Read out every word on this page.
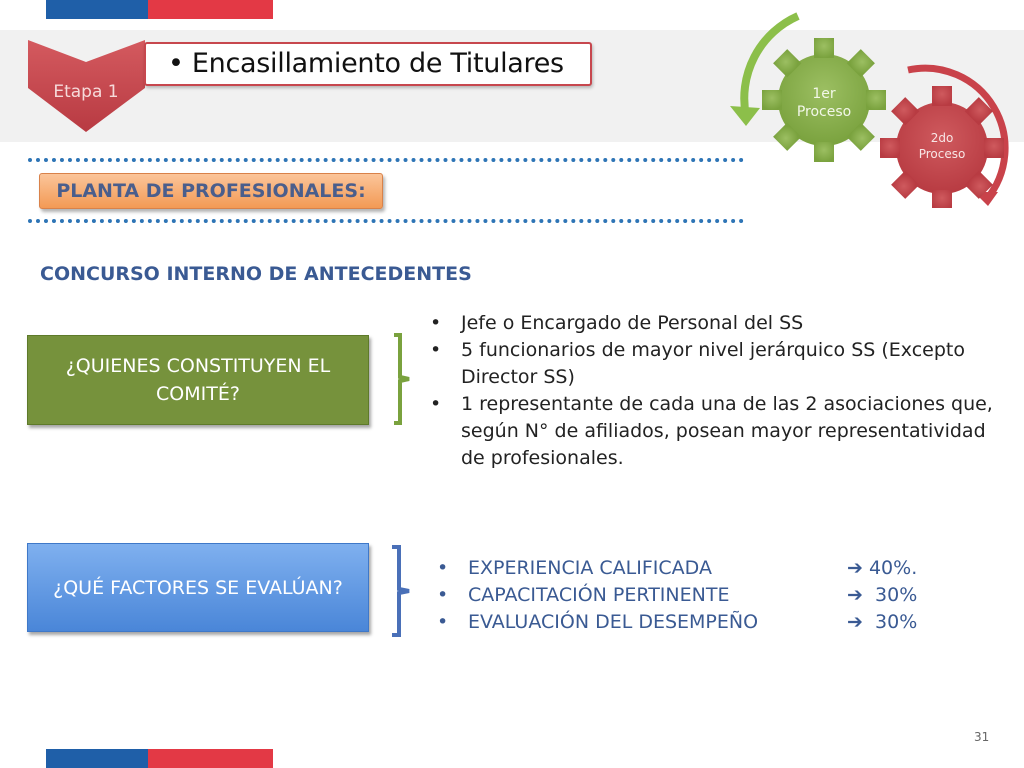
Etapa 1
• Encasillamiento de Titulares
1er
Proceso
2do
Proceso
PLANTA DE PROFESIONALES:
CONCURSO INTERNO DE ANTECEDENTES
¿QUIENES CONSTITUYEN EL COMITÉ?
• Jefe o Encargado de Personal del SS
• 5 funcionarios de mayor nivel jerárquico SS (Excepto Director SS)
• 1 representante de cada una de las 2 asociaciones que, según N° de afiliados, posean mayor representatividad de profesionales.
¿QUÉ FACTORES SE EVALÚAN?
• EXPERIENCIA CALIFICADA	➔ 40%.
• CAPACITACIÓN PERTINENTE	➔ 30%
• EVALUACIÓN DEL DESEMPEÑO	➔ 30%
31
